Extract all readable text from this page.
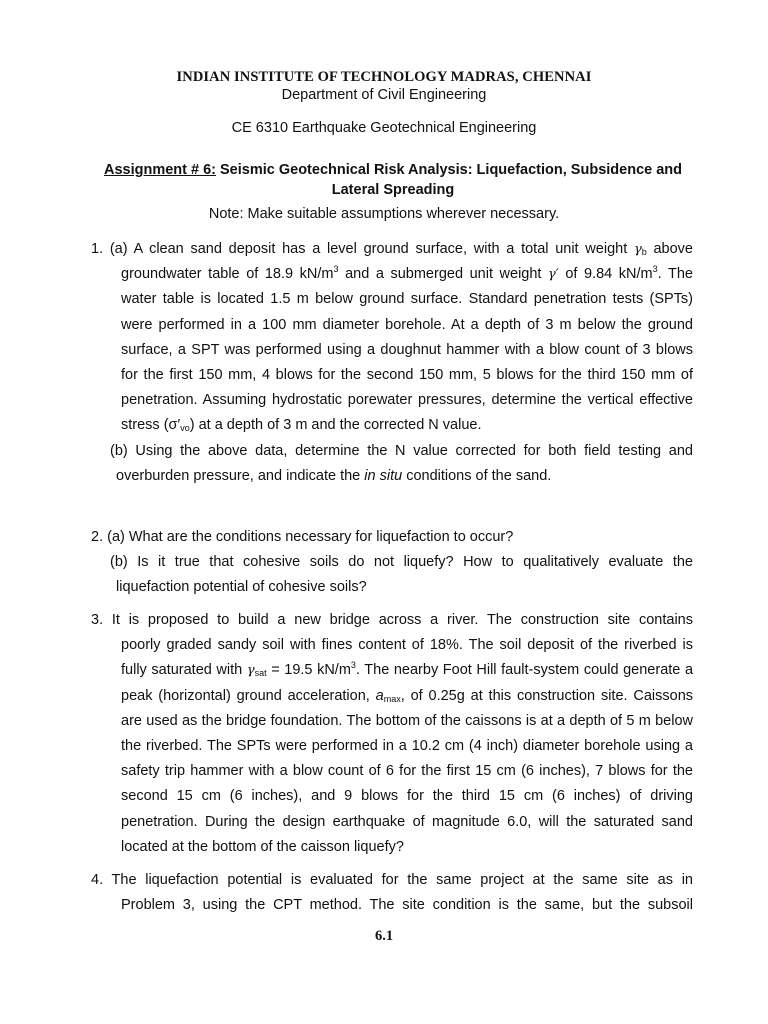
INDIAN INSTITUTE OF TECHNOLOGY MADRAS, CHENNAI
Department of Civil Engineering
CE 6310 Earthquake Geotechnical Engineering
Assignment # 6: Seismic Geotechnical Risk Analysis: Liquefaction, Subsidence and Lateral Spreading
Note: Make suitable assumptions wherever necessary.
1. (a) A clean sand deposit has a level ground surface, with a total unit weight $\gamma_b$ above
groundwater table of 18.9 $kN/m^3$ and a submerged unit weight γ′ of 9.84 $kN/m^3$. The water table is located 1.5 m below ground surface. Standard penetration tests (SPTs) were performed in a 100 mm diameter borehole. At a depth of 3 m below the ground surface, a SPT was performed using a doughnut hammer with a blow count of 3 blows for the first 150 mm, 4 blows for the second 150 mm, 5 blows for the third 150 mm of penetration. Assuming hydrostatic porewater pressures, determine the vertical effective stress $(\sigma'_{vo})$ at a depth of 3 m and the corrected N value.
(b) Using the above data, determine the N value corrected for both field testing and
overburden pressure, and indicate the in situ conditions of the sand.
2. (a) What are the conditions necessary for liquefaction to occur?
(b) Is it true that cohesive soils do not liquefy? How to qualitatively evaluate the
liquefaction potential of cohesive soils?
3. It is proposed to build a new bridge across a river. The construction site contains
poorly graded sandy soil with fines content of 18%. The soil deposit of the riverbed is fully saturated with $\gamma_{sat} = 19.5$ $kN/m^3$. The nearby Foot Hill fault-system could generate a peak (horizontal) ground acceleration, $a_{max}$, of 0.25g at this construction site. Caissons are used as the bridge foundation. The bottom of the caissons is at a depth of 5 m below the riverbed. The SPTs were performed in a 10.2 cm (4 inch) diameter borehole using a safety trip hammer with a blow count of 6 for the first 15 cm (6 inches), 7 blows for the second 15 cm (6 inches), and 9 blows for the third 15 cm (6 inches) of driving penetration. During the design earthquake of magnitude 6.0, will the saturated sand located at the bottom of the caisson liquefy?
4. The liquefaction potential is evaluated for the same project at the same site as in
Problem 3, using the CPT method. The site condition is the same, but the subsoil
6.1
